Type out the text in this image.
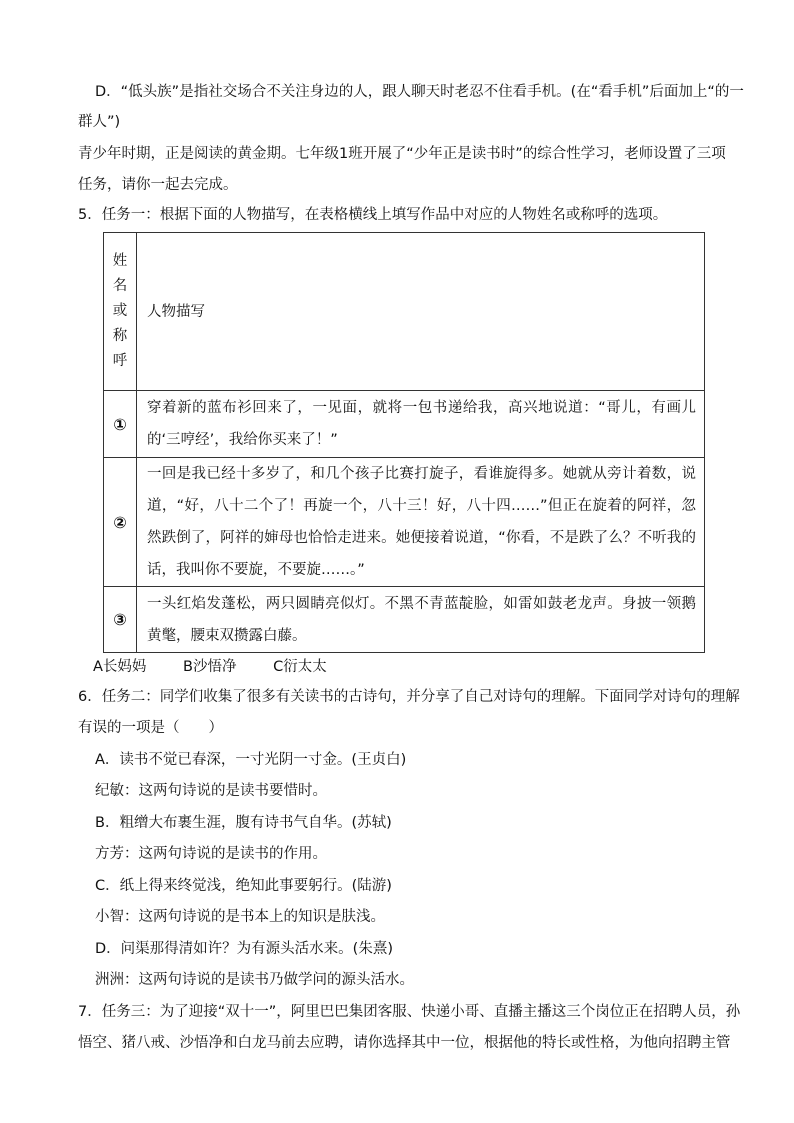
D．“低头族”是指社交场合不关注身边的人，跟人聊天时老忍不住看手机。(在“看手机”后面加上“的一
群人”)
青少年时期，正是阅读的黄金期。七年级1班开展了“少年正是读书时”的综合性学习，老师设置了三项
任务，请你一起去完成。
5．任务一：根据下面的人物描写，在表格横线上填写作品中对应的人物姓名或称呼的选项。
姓
名
或
称
呼	人物描写
①	穿着新的蓝布衫回来了，一见面，就将一包书递给我，高兴地说道：“哥儿，有画儿的‘三哼经’，我给你买来了！”
②	一回是我已经十多岁了，和几个孩子比赛打旋子，看谁旋得多。她就从旁计着数，说道，“好，八十二个了！再旋一个，八十三！好，八十四……”但正在旋着的阿祥，忽然跌倒了，阿祥的婶母也恰恰走进来。她便接着说道，“你看，不是跌了么？不听我的话，我叫你不要旋，不要旋……。”
③	一头红焰发蓬松，两只圆睛亮似灯。不黑不青蓝靛脸，如雷如鼓老龙声。身披一领鹅黄氅，腰束双攒露白藤。
A长妈妈	B沙悟净	C衍太太
6．任务二：同学们收集了很多有关读书的古诗句，并分享了自己对诗句的理解。下面同学对诗句的理解
有误的一项是（　　）
A．读书不觉已春深，一寸光阴一寸金。(王贞白)
纪敏：这两句诗说的是读书要惜时。
B．粗缯大布裹生涯，腹有诗书气自华。(苏轼)
方芳：这两句诗说的是读书的作用。
C．纸上得来终觉浅，绝知此事要躬行。(陆游)
小智：这两句诗说的是书本上的知识是肤浅。
D．问渠那得清如许？为有源头活水来。(朱熹)
洲洲：这两句诗说的是读书乃做学问的源头活水。
7．任务三：为了迎接“双十一”，阿里巴巴集团客服、快递小哥、直播主播这三个岗位正在招聘人员，孙
悟空、猪八戒、沙悟净和白龙马前去应聘，请你选择其中一位，根据他的特长或性格，为他向招聘主管
